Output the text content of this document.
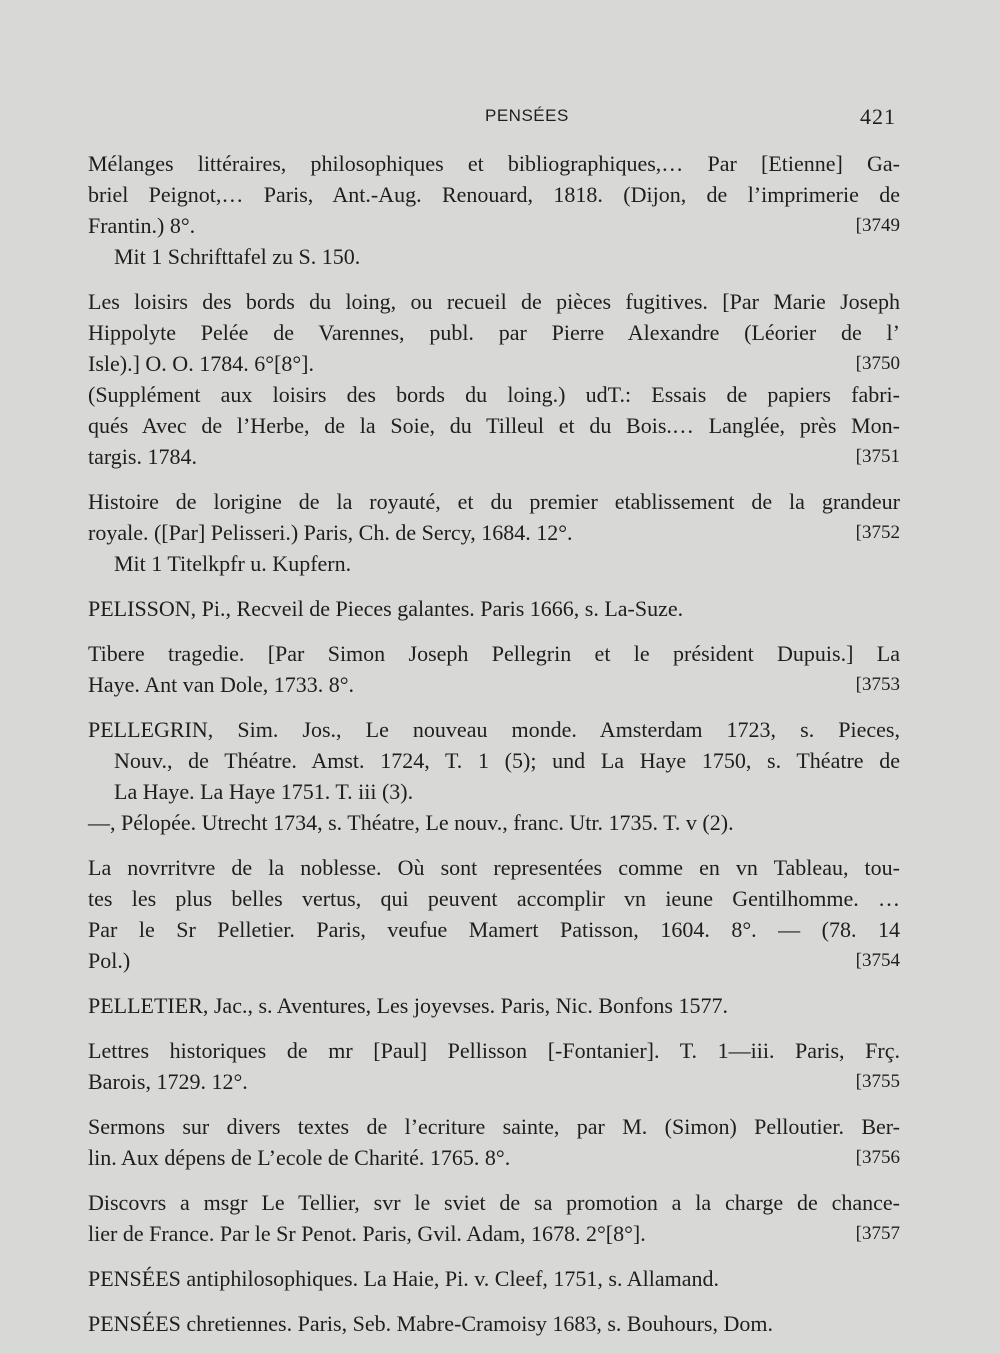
PENSÉES	421
Mélanges littéraires, philosophiques et bibliographiques,… Par [Etienne] Ga-
briel Peignot,… Paris, Ant.-Aug. Renouard, 1818. (Dijon, de l’imprimerie de
Frantin.) 8°.	[3749
Mit 1 Schrifttafel zu S. 150.
Les loisirs des bords du loing, ou recueil de pièces fugitives. [Par Marie Joseph
Hippolyte Pelée de Varennes, publ. par Pierre Alexandre (Léorier de l’
Isle).] O. O. 1784. 6°[8°].	[3750
(Supplément aux loisirs des bords du loing.) udT.: Essais de papiers fabri-
qués Avec de l’Herbe, de la Soie, du Tilleul et du Bois.… Langlée, près Mon-
targis. 1784.	[3751
Histoire de lorigine de la royauté, et du premier etablissement de la grandeur
royale. ([Par] Pelisseri.) Paris, Ch. de Sercy, 1684. 12°.	[3752
Mit 1 Titelkpfr u. Kupfern.
PELISSON, Pi., Recveil de Pieces galantes. Paris 1666, s. La-Suze.
Tibere tragedie. [Par Simon Joseph Pellegrin et le président Dupuis.] La
Haye. Ant van Dole, 1733. 8°.	[3753
PELLEGRIN, Sim. Jos., Le nouveau monde. Amsterdam 1723, s. Pieces,
Nouv., de Théatre. Amst. 1724, T. 1 (5); und La Haye 1750, s. Théatre de
La Haye. La Haye 1751. T. iii (3).
—, Pélopée. Utrecht 1734, s. Théatre, Le nouv., franc. Utr. 1735. T. v (2).
La novrritvre de la noblesse. Où sont representées comme en vn Tableau, tou-
tes les plus belles vertus, qui peuvent accomplir vn ieune Gentilhomme. …
Par le Sr Pelletier. Paris, veufue Mamert Patisson, 1604. 8°. — (78. 14
Pol.)	[3754
PELLETIER, Jac., s. Aventures, Les joyevses. Paris, Nic. Bonfons 1577.
Lettres historiques de mr [Paul] Pellisson [-Fontanier]. T. 1—iii. Paris, Frç.
Barois, 1729. 12°.	[3755
Sermons sur divers textes de l’ecriture sainte, par M. (Simon) Pelloutier. Ber-
lin. Aux dépens de L’ecole de Charité. 1765. 8°.	[3756
Discovrs a msgr Le Tellier, svr le sviet de sa promotion a la charge de chance-
lier de France. Par le Sr Penot. Paris, Gvil. Adam, 1678. 2°[8°].	[3757
PENSÉES antiphilosophiques. La Haie, Pi. v. Cleef, 1751, s. Allamand.
PENSÉES chretiennes. Paris, Seb. Mabre-Cramoisy 1683, s. Bouhours, Dom.
